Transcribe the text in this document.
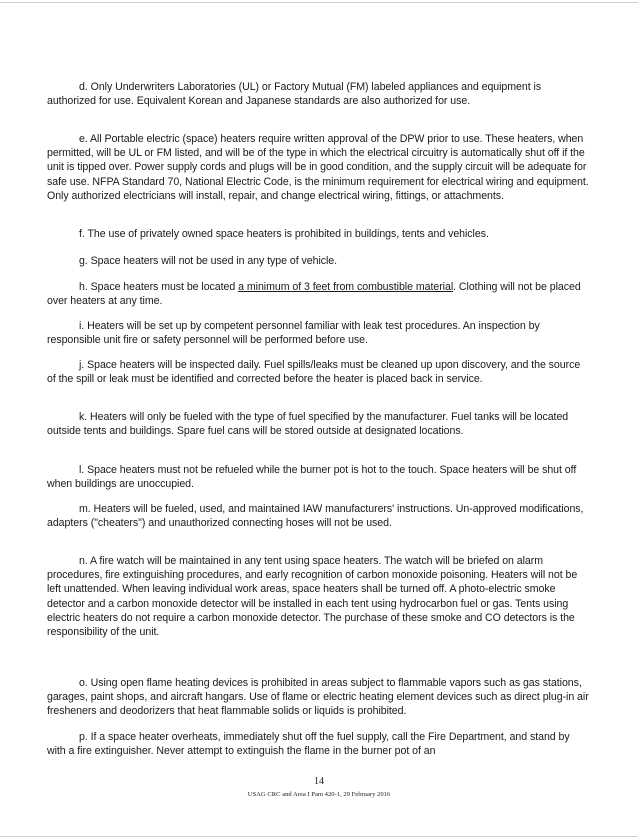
d. Only Underwriters Laboratories (UL) or Factory Mutual (FM) labeled appliances and equipment is authorized for use. Equivalent Korean and Japanese standards are also authorized for use.

e. All Portable electric (space) heaters require written approval of the DPW prior to use. These heaters, when permitted, will be UL or FM listed, and will be of the type in which the electrical circuitry is automatically shut off if the unit is tipped over. Power supply cords and plugs will be in good condition, and the supply circuit will be adequate for safe use. NFPA Standard 70, National Electric Code, is the minimum requirement for electrical wiring and equipment. Only authorized electricians will install, repair, and change electrical wiring, fittings, or attachments.

f. The use of privately owned space heaters is prohibited in buildings, tents and vehicles.

g. Space heaters will not be used in any type of vehicle.

h. Space heaters must be located a minimum of 3 feet from combustible material. Clothing will not be placed over heaters at any time.

i. Heaters will be set up by competent personnel familiar with leak test procedures. An inspection by responsible unit fire or safety personnel will be performed before use.

j. Space heaters will be inspected daily. Fuel spills/leaks must be cleaned up upon discovery, and the source of the spill or leak must be identified and corrected before the heater is placed back in service.

k. Heaters will only be fueled with the type of fuel specified by the manufacturer. Fuel tanks will be located outside tents and buildings. Spare fuel cans will be stored outside at designated locations.

l. Space heaters must not be refueled while the burner pot is hot to the touch. Space heaters will be shut off when buildings are unoccupied.

m. Heaters will be fueled, used, and maintained IAW manufacturers' instructions. Un-approved modifications, adapters ("cheaters") and unauthorized connecting hoses will not be used.

n. A fire watch will be maintained in any tent using space heaters. The watch will be briefed on alarm procedures, fire extinguishing procedures, and early recognition of carbon monoxide poisoning. Heaters will not be left unattended. When leaving individual work areas, space heaters shall be turned off. A photo-electric smoke detector and a carbon monoxide detector will be installed in each tent using hydrocarbon fuel or gas. Tents using electric heaters do not require a carbon monoxide detector. The purchase of these smoke and CO detectors is the responsibility of the unit.

o. Using open flame heating devices is prohibited in areas subject to flammable vapors such as gas stations, garages, paint shops, and aircraft hangars. Use of flame or electric heating element devices such as direct plug-in air fresheners and deodorizers that heat flammable solids or liquids is prohibited.

p. If a space heater overheats, immediately shut off the fuel supply, call the Fire Department, and stand by with a fire extinguisher. Never attempt to extinguish the flame in the burner pot of an

14
USAG CRC and Area I Pam 420-1, 29 February 2016
